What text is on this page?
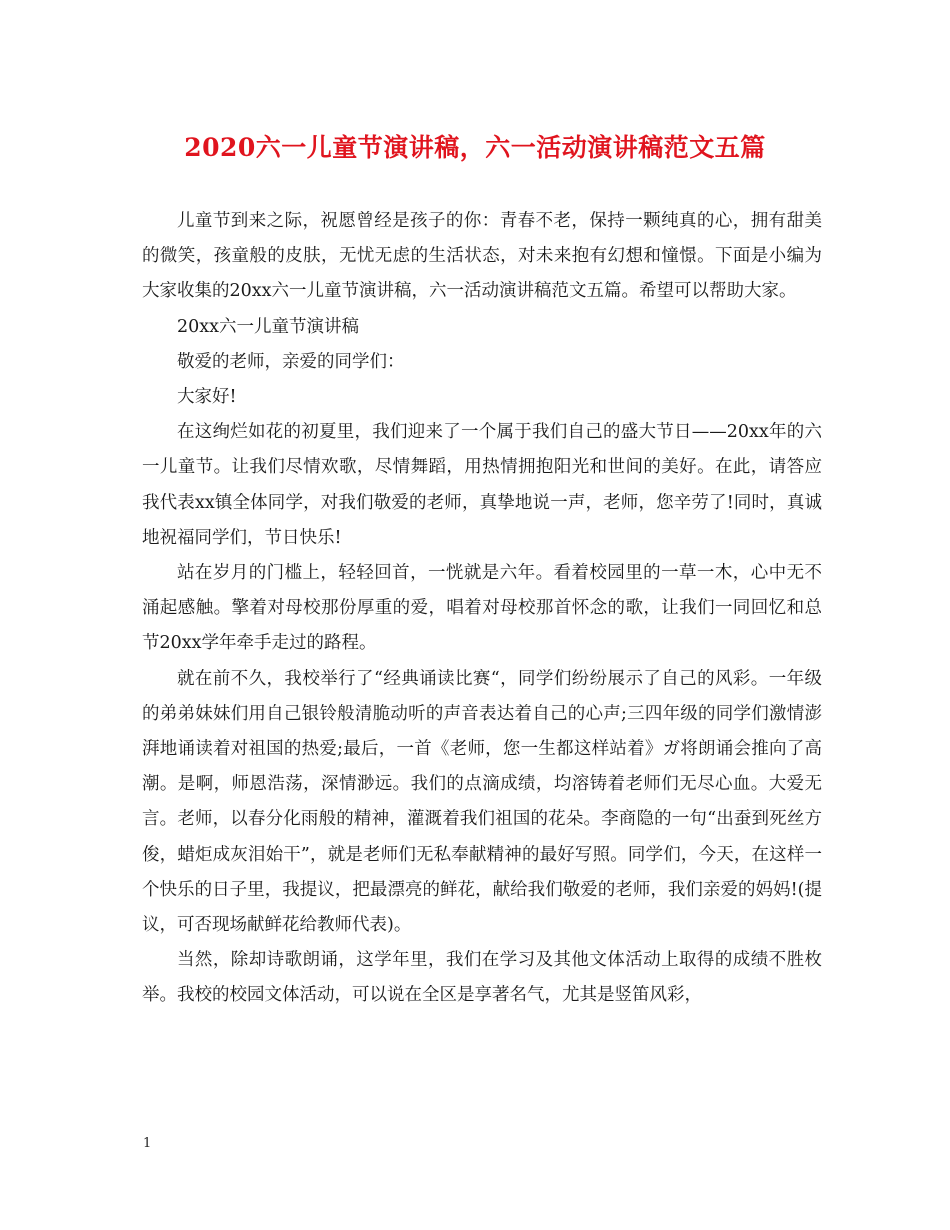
2020六一儿童节演讲稿，六一活动演讲稿范文五篇

儿童节到来之际，祝愿曾经是孩子的你：青春不老，保持一颗纯真的心，拥有甜美的微笑，孩童般的皮肤，无忧无虑的生活状态，对未来抱有幻想和憧憬。下面是小编为大家收集的20xx六一儿童节演讲稿，六一活动演讲稿范文五篇。希望可以帮助大家。

20xx六一儿童节演讲稿

敬爱的老师，亲爱的同学们：

大家好!

在这绚烂如花的初夏里，我们迎来了一个属于我们自己的盛大节日——20xx年的六一儿童节。让我们尽情欢歌，尽情舞蹈，用热情拥抱阳光和世间的美好。在此，请答应我代表xx镇全体同学，对我们敬爱的老师，真挚地说一声，老师，您辛劳了!同时，真诚地祝福同学们，节日快乐!

站在岁月的门槛上，轻轻回首，一恍就是六年。看着校园里的一草一木，心中无不涌起感触。擎着对母校那份厚重的爱，唱着对母校那首怀念的歌，让我们一同回忆和总节20xx学年牵手走过的路程。

就在前不久，我校举行了“经典诵读比赛“，同学们纷纷展示了自己的风彩。一年级的弟弟妹妹们用自己银铃般清脆动听的声音表达着自己的心声;三四年级的同学们激情澎湃地诵读着对祖国的热爱;最后，一首《老师，您一生都这样站着》ガ将朗诵会推向了高潮。是啊，师恩浩荡，深情渺远。我们的点滴成绩，均溶铸着老师们无尽心血。大爱无言。老师，以春分化雨般的精神，灌溉着我们祖国的花朵。李商隐的一句“出蚕到死丝方俊，蜡炬成灰泪始干”，就是老师们无私奉献精神的最好写照。同学们，今天，在这样一个快乐的日子里，我提议，把最漂亮的鲜花，献给我们敬爱的老师，我们亲爱的妈妈!(提议，可否现场献鲜花给教师代表)。

当然，除却诗歌朗诵，这学年里，我们在学习及其他文体活动上取得的成绩不胜枚举。我校的校园文体活动，可以说在全区是享著名气，尤其是竖笛风彩，

1
